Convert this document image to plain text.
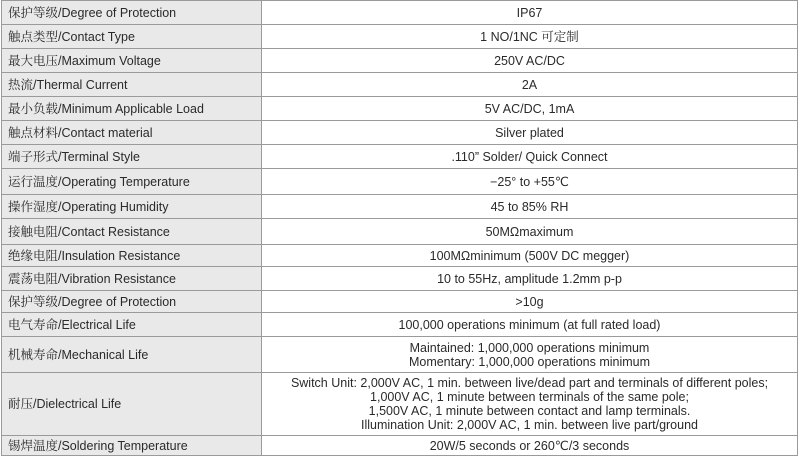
保护等级/Degree of Protection	IP67

触点类型/Contact Type	1 NO/1NC 可定制

最大电压/Maximum Voltage	250V AC/DC

热流/Thermal Current	2A

最小负载/Minimum Applicable Load	5V AC/DC, 1mA

触点材料/Contact material	Silver plated

端子形式/Terminal Style	.110” Solder/ Quick Connect

运行温度/Operating Temperature	−25° to +55℃

操作湿度/Operating Humidity	45 to 85% RH

接触电阻/Contact Resistance	50MΩmaximum

绝缘电阻/Insulation Resistance	100MΩminimum (500V DC megger)

震荡电阻/Vibration Resistance	10 to 55Hz, amplitude 1.2mm p-p

保护等级/Degree of Protection	>10g

电气寿命/Electrical Life	100,000 operations minimum (at full rated load)

机械寿命/Mechanical Life	Maintained: 1,000,000 operations minimum
Momentary: 1,000,000 operations minimum

耐压/Dielectrical Life	Switch Unit: 2,000V AC, 1 min. between live/dead part and terminals of different poles;
1,000V AC, 1 minute between terminals of the same pole;
1,500V AC, 1 minute between contact and lamp terminals.
Illumination Unit: 2,000V AC, 1 min. between live part/ground

锡焊温度/Soldering Temperature	20W/5 seconds or 260℃/3 seconds
